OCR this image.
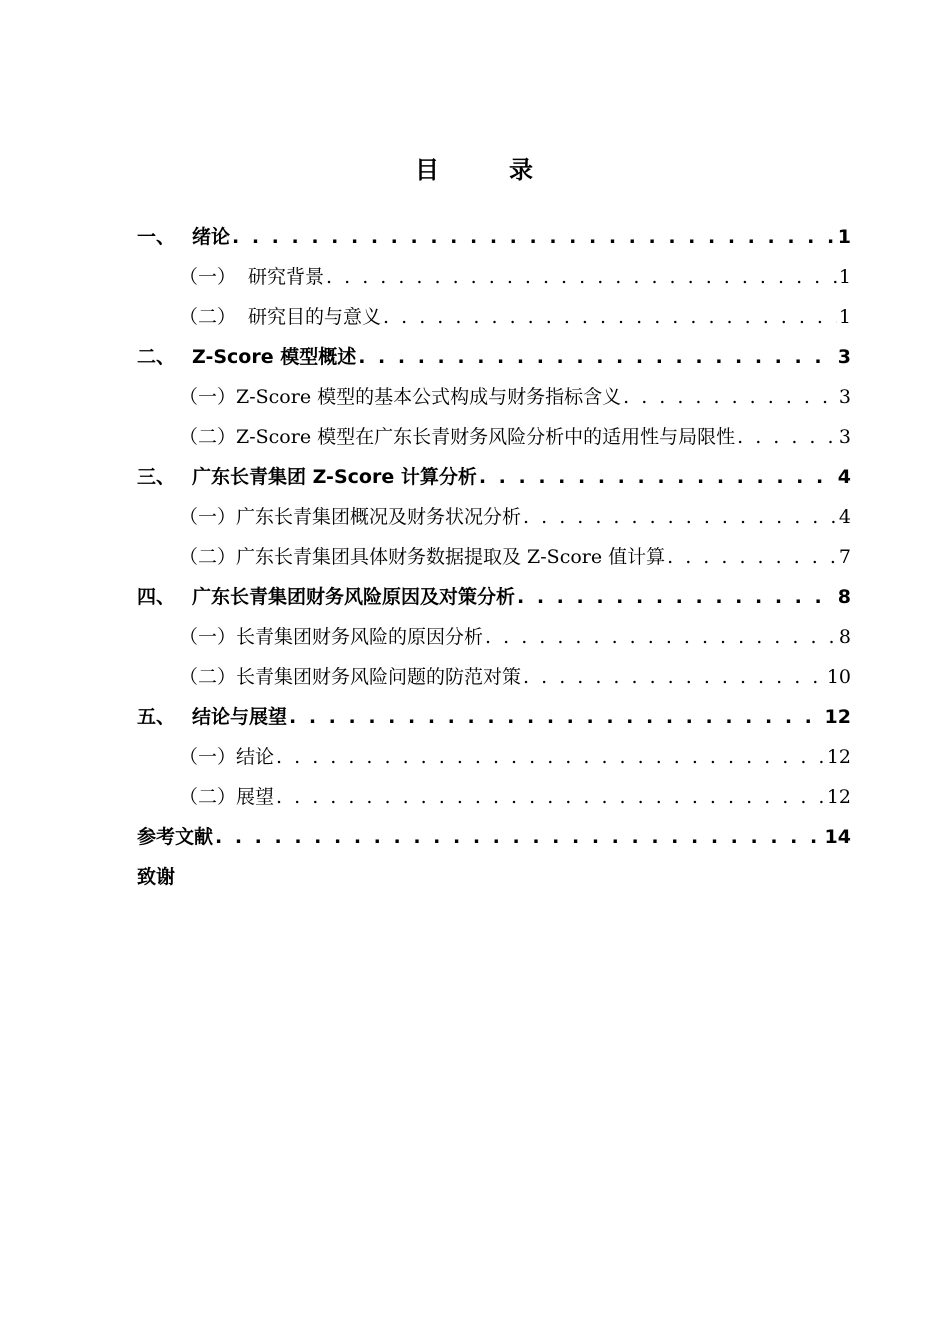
目	录
一、 绪论 . . .	1
（一） 研究背景 . . .	1
（二） 研究目的与意义 . . .	1
二、 Z-Score 模型概述 . . .	3
（一） Z-Score 模型的基本公式构成与财务指标含义 . . .	3
（二） Z-Score 模型在广东长青财务风险分析中的适用性与局限性 . . .	3
三、 广东长青集团 Z-Score 计算分析 . . .	4
（一） 广东长青集团概况及财务状况分析 . . .	4
（二） 广东长青集团具体财务数据提取及 Z-Score 值计算 . . .	7
四、 广东长青集团财务风险原因及对策分析 . . .	8
（一） 长青集团财务风险的原因分析 . . .	8
（二） 长青集团财务风险问题的防范对策 . . .	10
五、 结论与展望 . . .	12
（一） 结论 . . .	12
（二） 展望 . . .	12
参考文献 . . .	14
致谢
